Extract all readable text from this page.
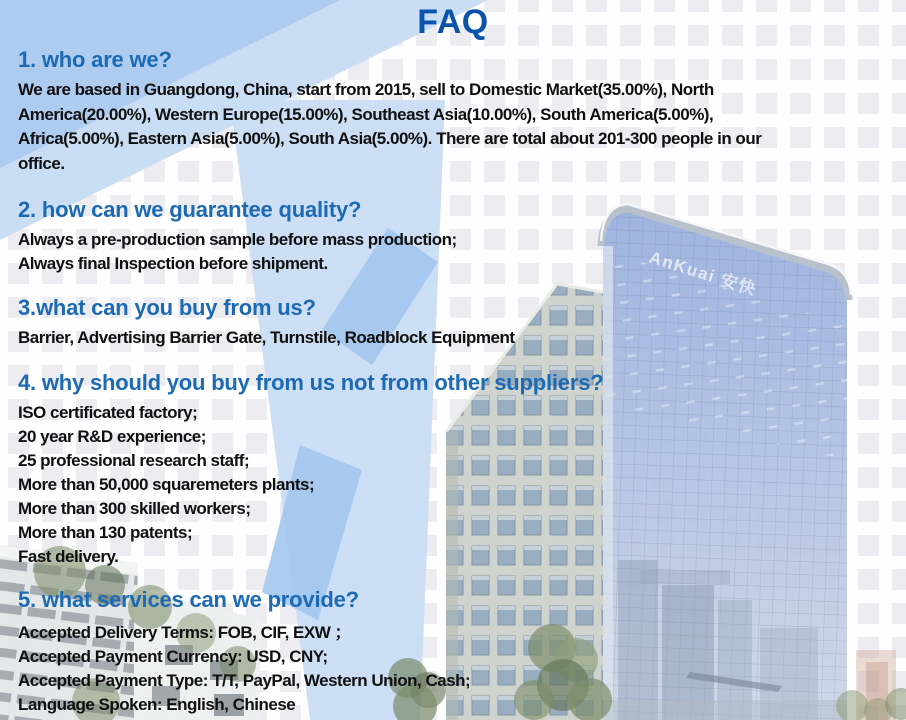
AnKuai 安快
FAQ
1. who are we?
We are based in Guangdong, China, start from 2015, sell to Domestic Market(35.00%), North
America(20.00%), Western Europe(15.00%), Southeast Asia(10.00%), South America(5.00%),
Africa(5.00%), Eastern Asia(5.00%), South Asia(5.00%). There are total about 201-300 people in our
office.
2. how can we guarantee quality?
Always a pre-production sample before mass production;
Always final Inspection before shipment.
3.what can you buy from us?
Barrier, Advertising Barrier Gate, Turnstile, Roadblock Equipment
4. why should you buy from us not from other suppliers?
ISO certificated factory;
20 year R&D experience;
25 professional research staff;
More than 50,000 squaremeters plants;
More than 300 skilled workers;
More than 130 patents;
Fast delivery.
5. what services can we provide?
Accepted Delivery Terms: FOB, CIF, EXW ；
Accepted Payment Currency: USD, CNY;
Accepted Payment Type: T/T, PayPal, Western Union, Cash;
Language Spoken: English, Chinese
